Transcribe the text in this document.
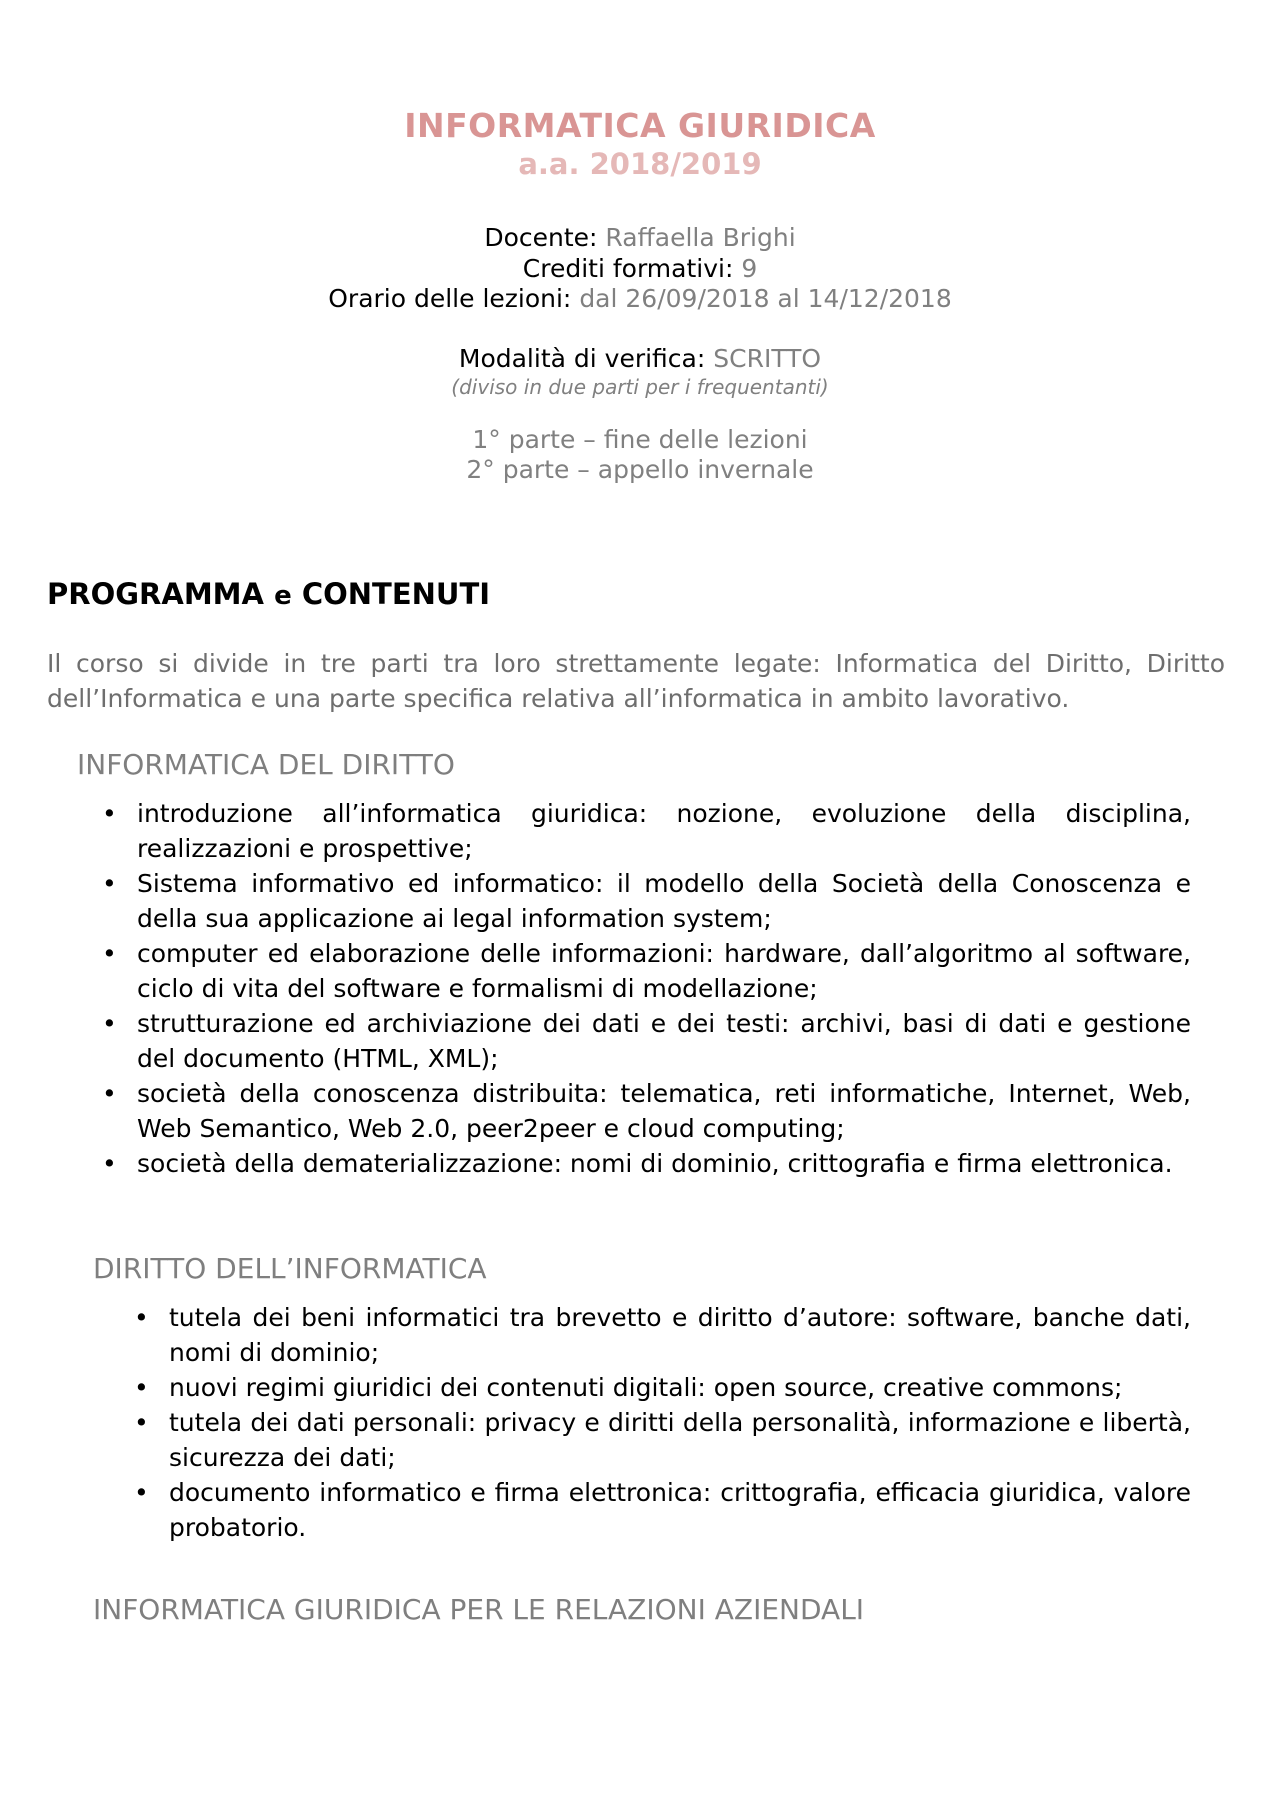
INFORMATICA GIURIDICA
a.a. 2018/2019
Docente: Raffaella Brighi
Crediti formativi: 9
Orario delle lezioni: dal 26/09/2018 al 14/12/2018
Modalità di verifica: SCRITTO
(diviso in due parti per i frequentanti)
1° parte – fine delle lezioni
2° parte – appello invernale
PROGRAMMA e CONTENUTI

Il corso si divide in tre parti tra loro strettamente legate: Informatica del Diritto, Diritto dell’Informatica e una parte specifica relativa all’informatica in ambito lavorativo.

INFORMATICA DEL DIRITTO
• introduzione all’informatica giuridica: nozione, evoluzione della disciplina, realizzazioni e prospettive;
• Sistema informativo ed informatico: il modello della Società della Conoscenza e della sua applicazione ai legal information system;
• computer ed elaborazione delle informazioni: hardware, dall’algoritmo al software, ciclo di vita del software e formalismi di modellazione;
• strutturazione ed archiviazione dei dati e dei testi: archivi, basi di dati e gestione del documento (HTML, XML);
• società della conoscenza distribuita: telematica, reti informatiche, Internet, Web, Web Semantico, Web 2.0, peer2peer e cloud computing;
• società della dematerializzazione: nomi di dominio, crittografia e firma elettronica.
DIRITTO DELL’INFORMATICA
• tutela dei beni informatici tra brevetto e diritto d’autore: software, banche dati, nomi di dominio;
• nuovi regimi giuridici dei contenuti digitali: open source, creative commons;
• tutela dei dati personali: privacy e diritti della personalità, informazione e libertà, sicurezza dei dati;
• documento informatico e firma elettronica: crittografia, efficacia giuridica, valore probatorio.
INFORMATICA GIURIDICA PER LE RELAZIONI AZIENDALI
